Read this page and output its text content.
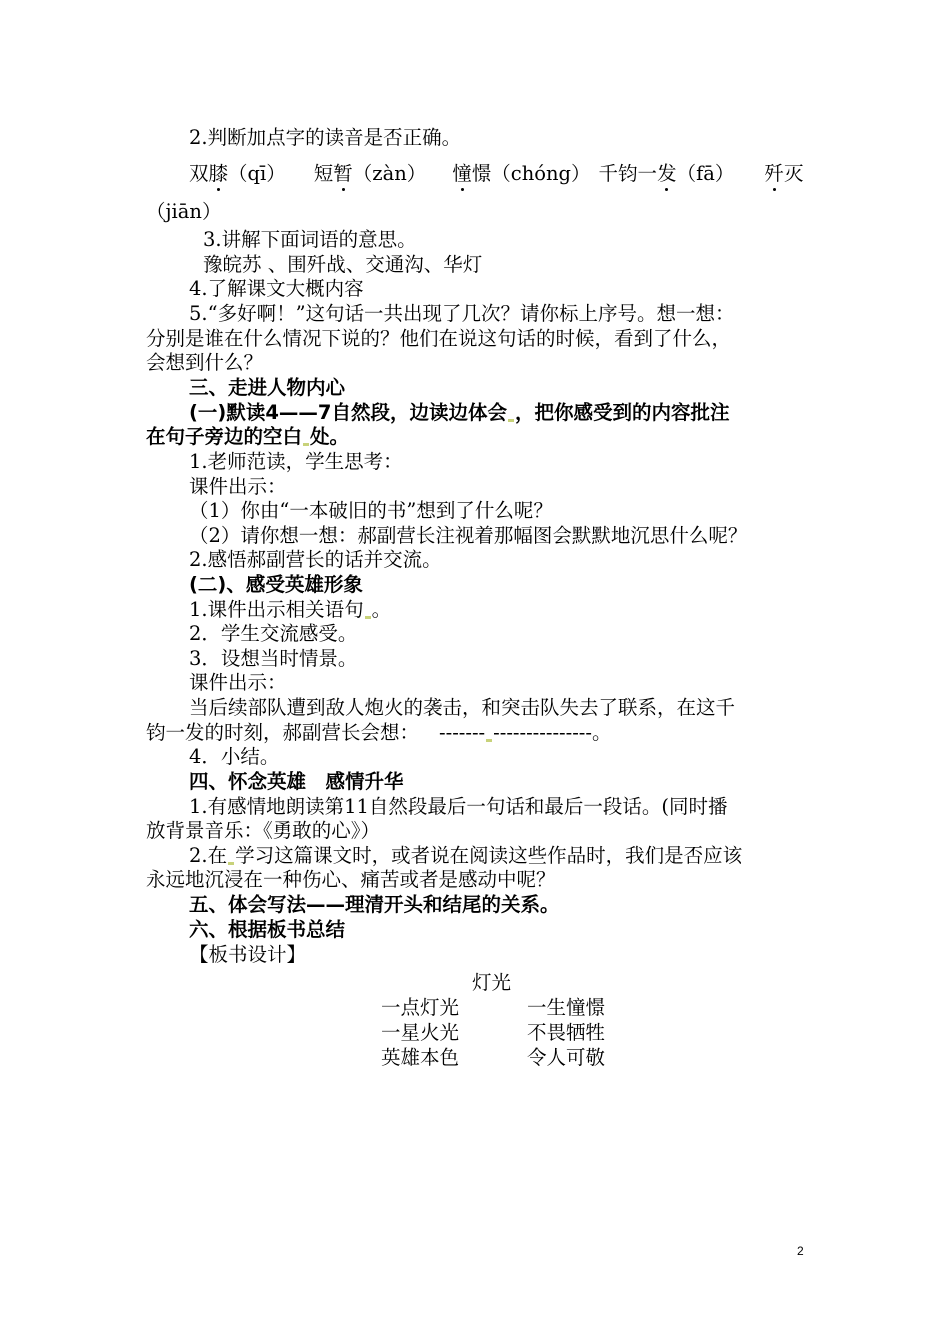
2.判断加点字的读音是否正确。
双膝（qī） 短暂（zàn） 憧憬（chóng） 千钧一发（fā） 歼灭
（jiān）
3.讲解下面词语的意思。
豫皖苏 、围歼战、交通沟、华灯
4.了解课文大概内容
5.“多好啊！”这句话一共出现了几次？请你标上序号。想一想：
分别是谁在什么情况下说的？他们在说这句话的时候，看到了什么，
会想到什么？
三、走进人物内心
(一)默读4——7自然段，边读边体会 ，把你感受到的内容批注
在句子旁边的空白 处。
1.老师范读，学生思考：
课件出示：
（1）你由“一本破旧的书”想到了什么呢？
（2）请你想一想：郝副营长注视着那幅图会默默地沉思什么呢？
2.感悟郝副营长的话并交流。
(二)、感受英雄形象
1.课件出示相关语句 。
2．学生交流感受。
3．设想当时情景。
课件出示：
当后续部队遭到敌人炮火的袭击，和突击队失去了联系，在这千
钧一发的时刻，郝副营长会想： ------- ---------------。
4．小结。
四、怀念英雄　感情升华
1.有感情地朗读第11自然段最后一句话和最后一段话。(同时播
放背景音乐：《勇敢的心》）
2.在 学习这篇课文时，或者说在阅读这些作品时，我们是否应该
永远地沉浸在一种伤心、痛苦或者是感动中呢？
五、体会写法——理清开头和结尾的关系。
六、根据板书总结
【板书设计】
灯光
一点灯光	一生憧憬
一星火光	不畏牺牲
英雄本色	令人可敬
2
